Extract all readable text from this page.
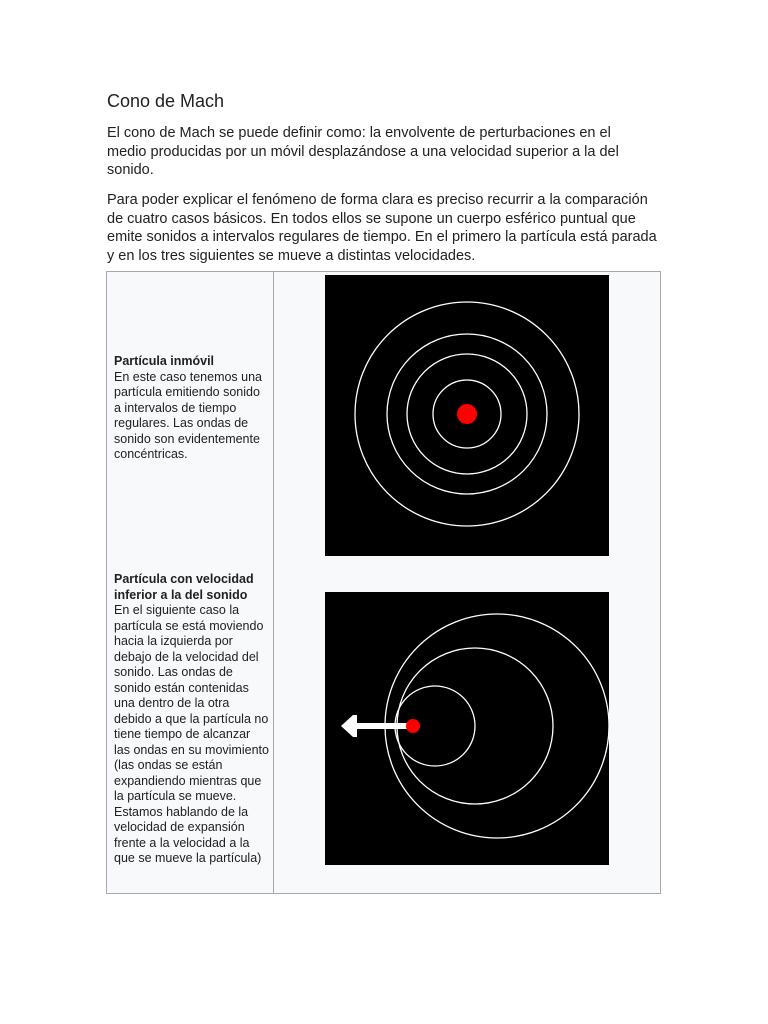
Cono de Mach

El cono de Mach se puede definir como: la envolvente de perturbaciones en el medio producidas por un móvil desplazándose a una velocidad superior a la del sonido.

Para poder explicar el fenómeno de forma clara es preciso recurrir a la comparación de cuatro casos básicos. En todos ellos se supone un cuerpo esférico puntual que emite sonidos a intervalos regulares de tiempo. En el primero la partícula está parada y en los tres siguientes se mueve a distintas velocidades.

Partícula inmóvil
En este caso tenemos una partícula emitiendo sonido a intervalos de tiempo regulares. Las ondas de sonido son evidentemente concéntricas.
Partícula con velocidad inferior a la del sonido
En el siguiente caso la partícula se está moviendo hacia la izquierda por debajo de la velocidad del sonido. Las ondas de sonido están contenidas una dentro de la otra debido a que la partícula no tiene tiempo de alcanzar las ondas en su movimiento (las ondas se están expandiendo mientras que la partícula se mueve. Estamos hablando de la velocidad de expansión frente a la velocidad a la que se mueve la partícula)
